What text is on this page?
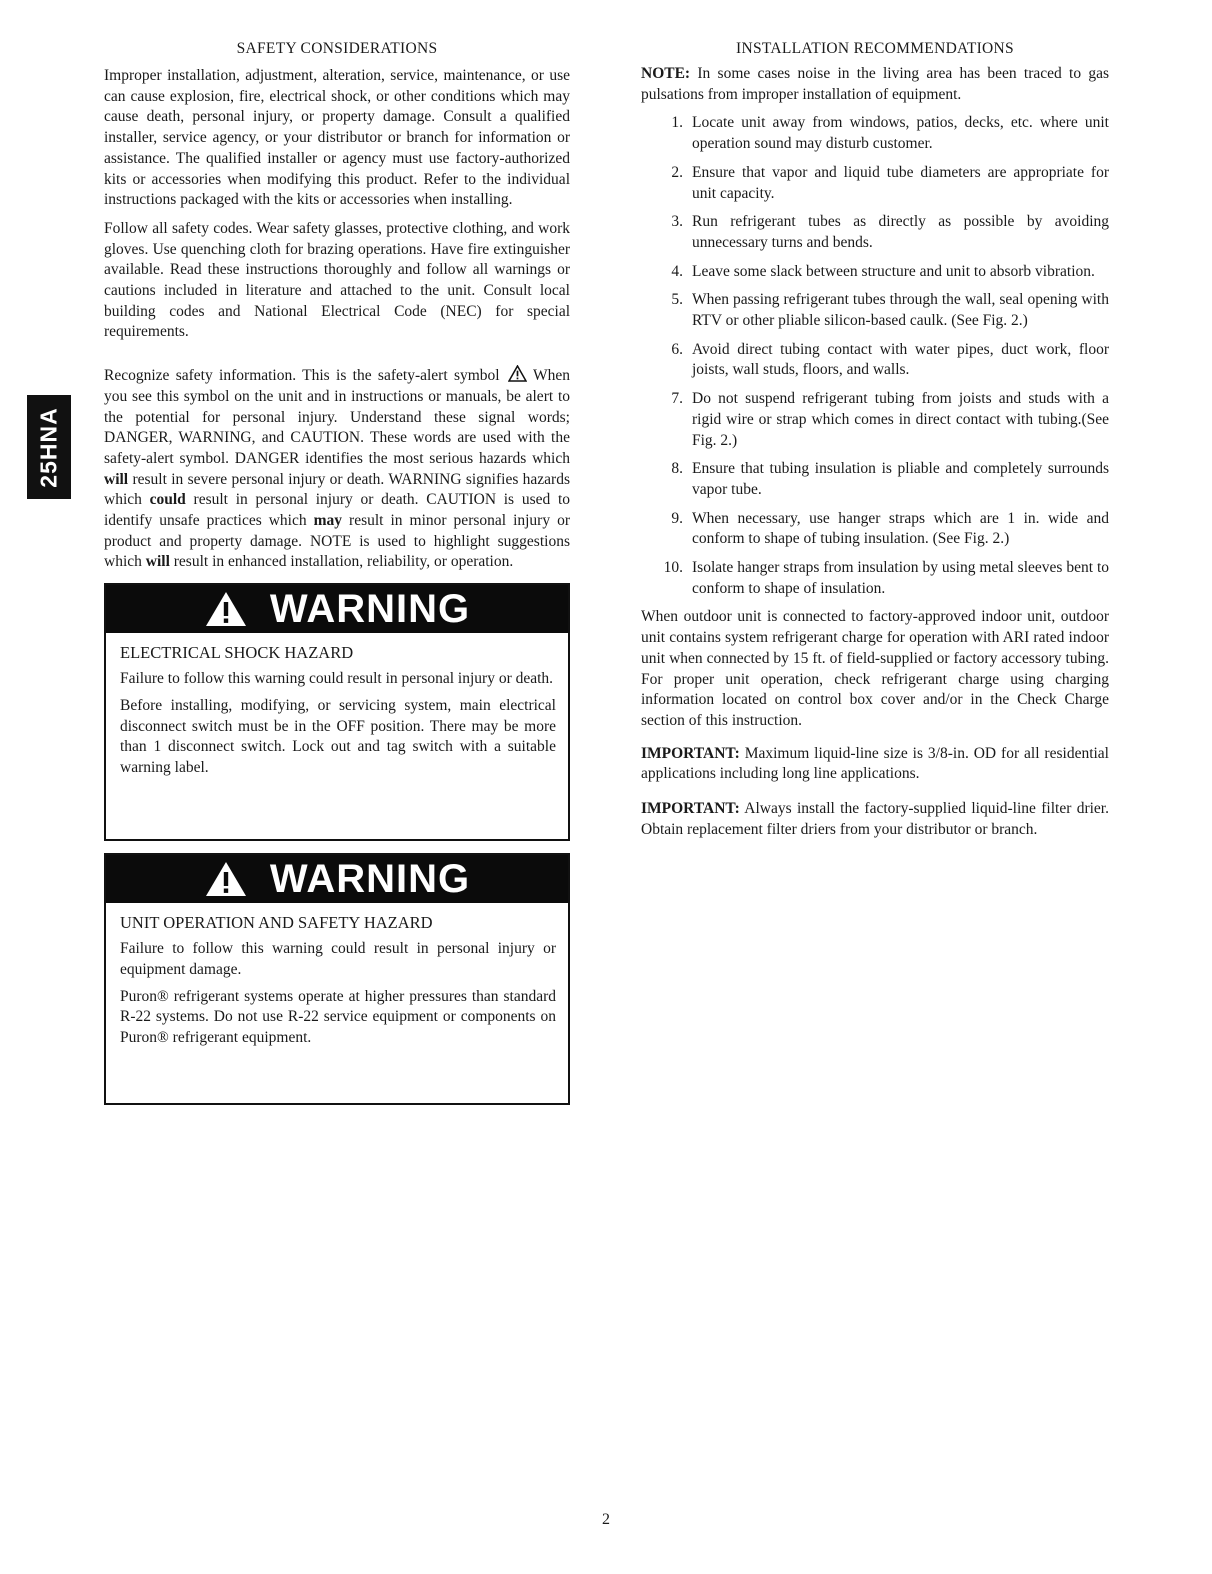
25HNA
SAFETY CONSIDERATIONS

Improper installation, adjustment, alteration, service, maintenance, or use can cause explosion, fire, electrical shock, or other conditions which may cause death, personal injury, or property damage. Consult a qualified installer, service agency, or your distributor or branch for information or assistance. The qualified installer or agency must use factory-authorized kits or accessories when modifying this product. Refer to the individual instructions packaged with the kits or accessories when installing.

Follow all safety codes. Wear safety glasses, protective clothing, and work gloves. Use quenching cloth for brazing operations. Have fire extinguisher available. Read these instructions thoroughly and follow all warnings or cautions included in literature and attached to the unit. Consult local building codes and National Electrical Code (NEC) for special requirements.

Recognize safety information. This is the safety-alert symbol When you see this symbol on the unit and in instructions or manuals, be alert to the potential for personal injury. Understand these signal words; DANGER, WARNING, and CAUTION. These words are used with the safety-alert symbol. DANGER identifies the most serious hazards which will result in severe personal injury or death. WARNING signifies hazards which could result in personal injury or death. CAUTION is used to identify unsafe practices which may result in minor personal injury or product and property damage. NOTE is used to highlight suggestions which will result in enhanced installation, reliability, or operation.

WARNING
ELECTRICAL SHOCK HAZARD

Failure to follow this warning could result in personal injury or death.

Before installing, modifying, or servicing system, main electrical disconnect switch must be in the OFF position. There may be more than 1 disconnect switch. Lock out and tag switch with a suitable warning label.

WARNING
UNIT OPERATION AND SAFETY HAZARD

Failure to follow this warning could result in personal injury or equipment damage.

Puron® refrigerant systems operate at higher pressures than standard R-22 systems. Do not use R-22 service equipment or components on Puron® refrigerant equipment.

INSTALLATION RECOMMENDATIONS

NOTE: In some cases noise in the living area has been traced to gas pulsations from improper installation of equipment.

1. Locate unit away from windows, patios, decks, etc. where unit operation sound may disturb customer.
2. Ensure that vapor and liquid tube diameters are appropriate for unit capacity.
3. Run refrigerant tubes as directly as possible by avoiding unnecessary turns and bends.
4. Leave some slack between structure and unit to absorb vibration.
5. When passing refrigerant tubes through the wall, seal opening with RTV or other pliable silicon-based caulk. (See Fig. 2.)
6. Avoid direct tubing contact with water pipes, duct work, floor joists, wall studs, floors, and walls.
7. Do not suspend refrigerant tubing from joists and studs with a rigid wire or strap which comes in direct contact with tubing.(See Fig. 2.)
8. Ensure that tubing insulation is pliable and completely surrounds vapor tube.
9. When necessary, use hanger straps which are 1 in. wide and conform to shape of tubing insulation. (See Fig. 2.)
10. Isolate hanger straps from insulation by using metal sleeves bent to conform to shape of insulation.

When outdoor unit is connected to factory-approved indoor unit, outdoor unit contains system refrigerant charge for operation with ARI rated indoor unit when connected by 15 ft. of field-supplied or factory accessory tubing. For proper unit operation, check refrigerant charge using charging information located on control box cover and/or in the Check Charge section of this instruction.

IMPORTANT: Maximum liquid-line size is 3/8-in. OD for all residential applications including long line applications.

IMPORTANT: Always install the factory-supplied liquid-line filter drier. Obtain replacement filter driers from your distributor or branch.

2
